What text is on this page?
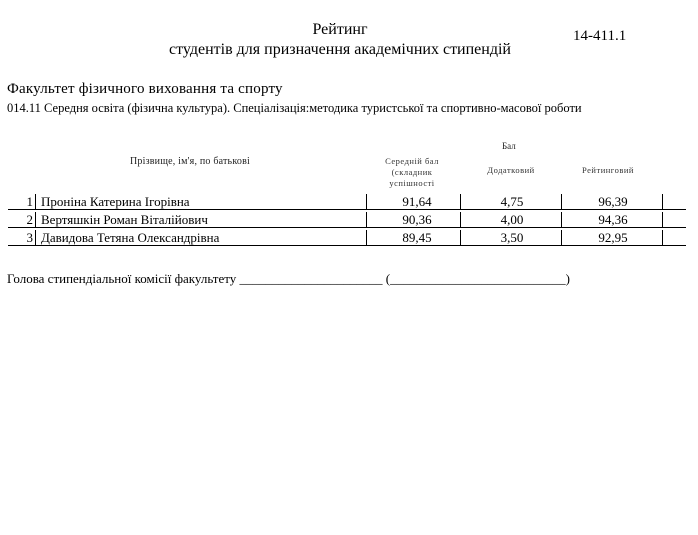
Рейтинг
студентів для призначення академічних стипендій
14-411.1
Факультет фізичного виховання та спорту
014.11 Середня освіта (фізична культура). Спеціалізація:методика туристської та спортивно-масової роботи
Прізвище, ім'я, по батькові
Бал
Середній бал
(складник
успішності
Додатковий	Рейтинговий
1 Проніна Катерина Ігорівна	91,64	4,75	96,39
2 Вертяшкін Роман Віталійович	90,36	4,00	94,36
3 Давидова Тетяна Олександрівна	89,45	3,50	92,95
Голова стипендіальної комісії факультету ______________________ (___________________________)
